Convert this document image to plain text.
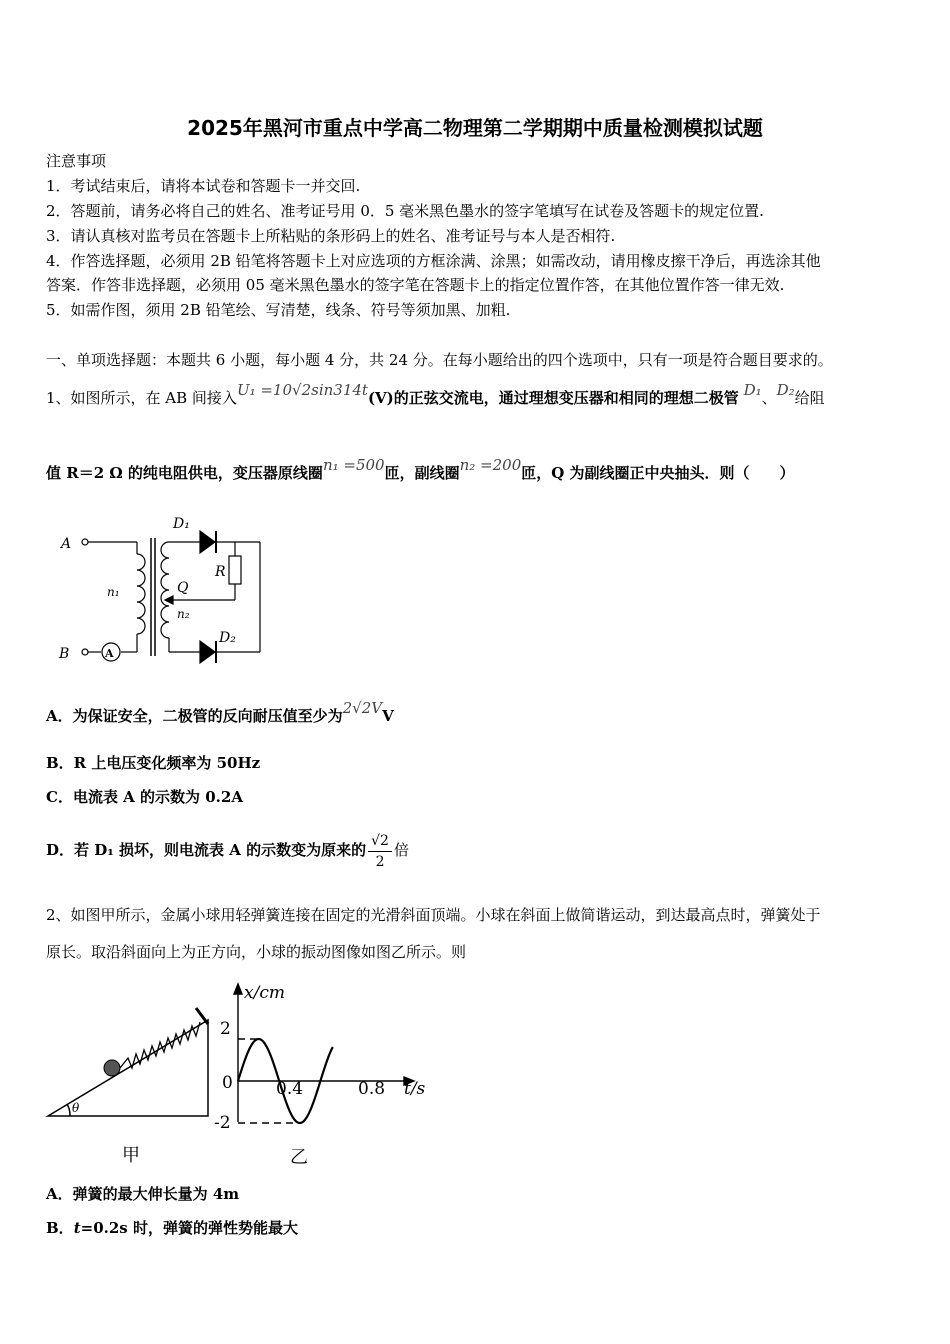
2025年黑河市重点中学高二物理第二学期期中质量检测模拟试题
注意事项
1．考试结束后，请将本试卷和答题卡一并交回.
2．答题前，请务必将自己的姓名、准考证号用 0．5 毫米黑色墨水的签字笔填写在试卷及答题卡的规定位置.
3．请认真核对监考员在答题卡上所粘贴的条形码上的姓名、准考证号与本人是否相符.
4．作答选择题，必须用 2B 铅笔将答题卡上对应选项的方框涂满、涂黑；如需改动，请用橡皮擦干净后，再选涂其他
答案．作答非选择题，必须用 05 毫米黑色墨水的签字笔在答题卡上的指定位置作答，在其他位置作答一律无效.
5．如需作图，须用 2B 铅笔绘、写清楚，线条、符号等须加黑、加粗.
一、单项选择题：本题共 6 小题，每小题 4 分，共 24 分。在每小题给出的四个选项中，只有一项是符合题目要求的。
1、如图所示，在 AB 间接入U₁ =10√2sin314t(V)的正弦交流电，通过理想变压器和相同的理想二极管 D₁、D₂给阻
值 R＝2 Ω 的纯电阻供电，变压器原线圈n₁ =500匝，副线圈n₂ =200匝，Q 为副线圈正中央抽头．则（　　）
A
B
n₁
n₂
Q
R
D₁
D₂
A
A．为保证安全，二极管的反向耐压值至少为2√2VV
B．R 上电压变化频率为 50Hz
C．电流表 A 的示数为 0.2A
D．若 D₁ 损坏，则电流表 A 的示数变为原来的 $\frac{√2}{2}$ 倍
2、如图甲所示，金属小球用轻弹簧连接在固定的光滑斜面顶端。小球在斜面上做简谐运动，到达最高点时，弹簧处于
原长。取沿斜面向上为正方向，小球的振动图像如图乙所示。则
θ
甲
x/cm
t/s
2
0
-2
0.4	0.8
乙
A．弹簧的最大伸长量为 4m
B．t=0.2s 时，弹簧的弹性势能最大
